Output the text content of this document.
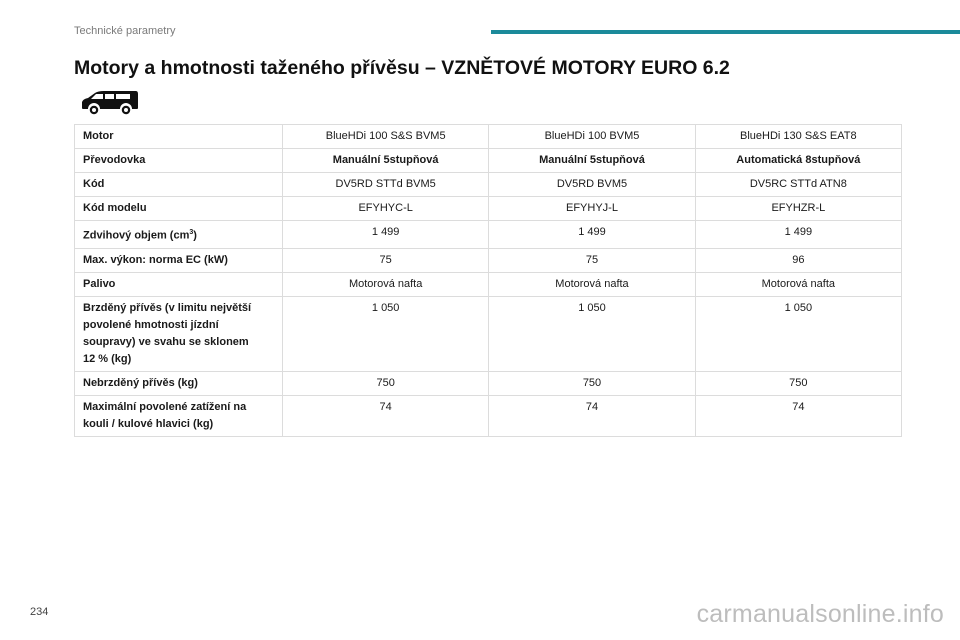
Technické parametry
Motory a hmotnosti taženého přívěsu – VZNĚTOVÉ MOTORY EURO 6.2
Motor	BlueHDi 100 S&S BVM5	BlueHDi 100 BVM5	BlueHDi 130 S&S EAT8
Převodovka	Manuální 5stupňová	Manuální 5stupňová	Automatická 8stupňová
Kód	DV5RD STTd BVM5	DV5RD BVM5	DV5RC STTd ATN8
Kód modelu	EFYHYC-L	EFYHYJ-L	EFYHZR-L
Zdvihový objem $(cm^3)$	1 499	1 499	1 499
Max. výkon: norma EC (kW)	75	75	96
Palivo	Motorová nafta	Motorová nafta	Motorová nafta

Brzděný přívěs (v limitu největší
povolené hmotnosti jízdní
soupravy) ve svahu se sklonem
12 % (kg)	1 050	1 050	1 050
Nebrzděný přívěs (kg)	750	750	750

Maximální povolené zatížení na
kouli / kulové hlavici (kg)	74	74	74
234	carmanualsonline.info
